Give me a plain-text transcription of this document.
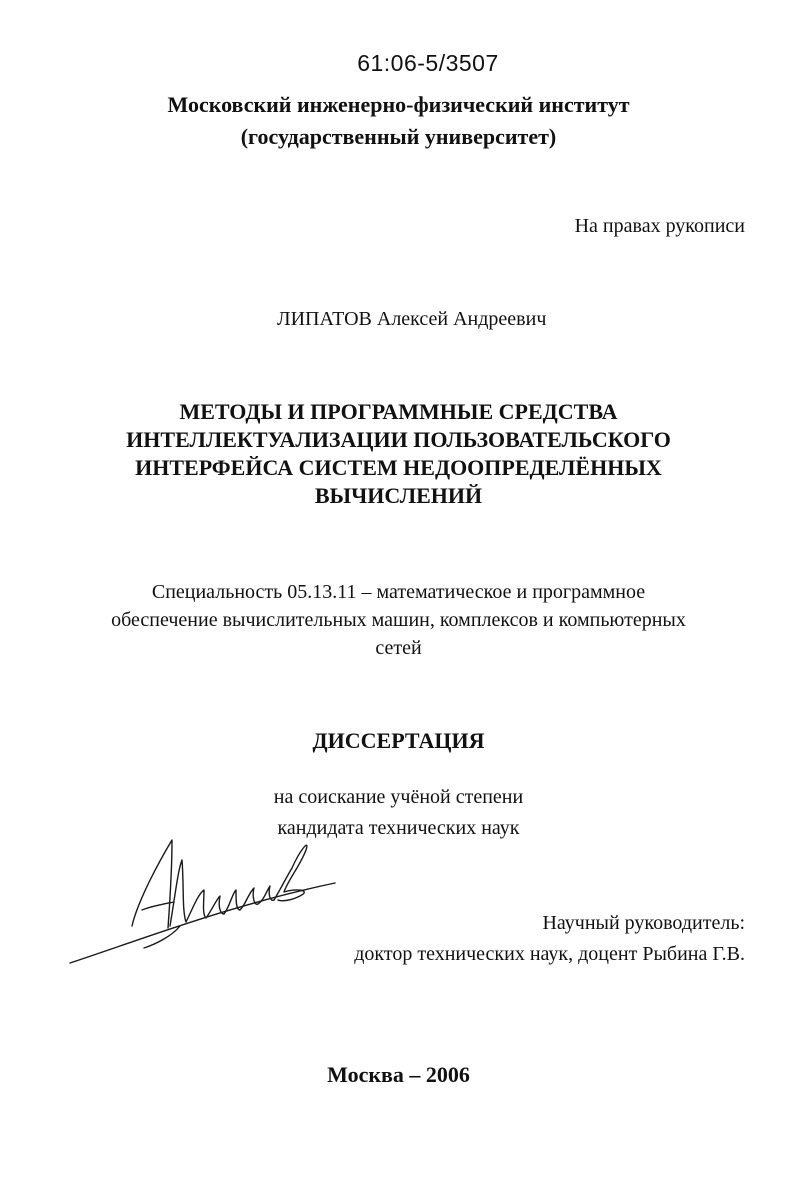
61:06-5/3507
Московский инженерно-физический институт
(государственный университет)
На правах рукописи
ЛИПАТОВ Алексей Андреевич
МЕТОДЫ И ПРОГРАММНЫЕ СРЕДСТВА
ИНТЕЛЛЕКТУАЛИЗАЦИИ ПОЛЬЗОВАТЕЛЬСКОГО
ИНТЕРФЕЙСА СИСТЕМ НЕДООПРЕДЕЛЁННЫХ
ВЫЧИСЛЕНИЙ
Специальность 05.13.11 – математическое и программное
обеспечение вычислительных машин, комплексов и компьютерных
сетей
ДИССЕРТАЦИЯ
на соискание учёной степени
кандидата технических наук
Научный руководитель:
доктор технических наук, доцент Рыбина Г.В.
Москва – 2006
